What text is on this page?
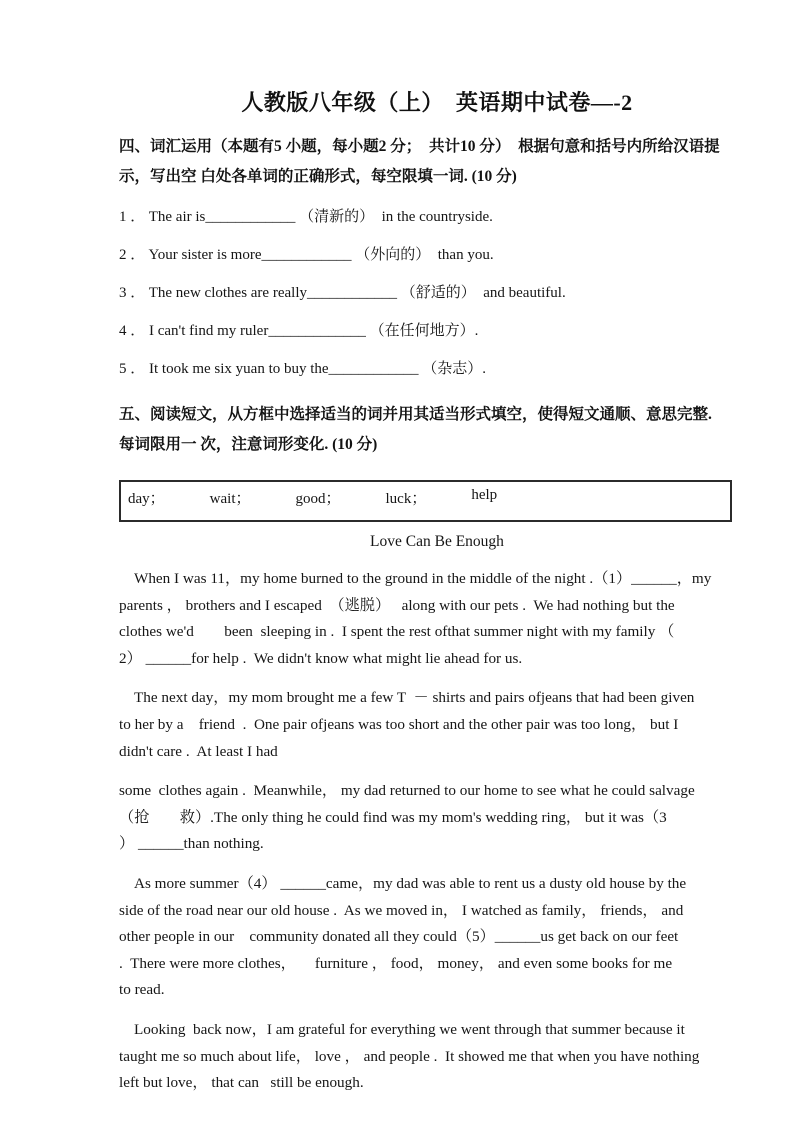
人教版八年级（上）  英语期中试卷—-2
四、词汇运用（本题有5 小题，每小题2 分；  共计10 分）  根据句意和括号内所给汉语提
示，写出空 白处各单词的正确形式，每空限填一词. (10 分)
1 ． The air is____________ （清新的）  in the countryside.
2 ． Your sister is more____________ （外向的）  than you.
3 ． The new clothes are really____________ （舒适的）  and beautiful.
4 ． I can't find my ruler_____________ （在任何地方）.
5 ． It took me six yuan to buy the____________ （杂志）.
五、阅读短文，从方框中选择适当的词并用其适当形式填空，使得短文通顺、意思完整.
每词限用一 次，注意词形变化. (10 分)
day；	wait；	good；	luck；	help
Love Can Be Enough
When I was 11，my home burned to the ground in the middle of the night .（1）______，my
parents ， brothers and I escaped  （逃脱）   along with our pets .  We had nothing but the
clothes we'd        been  sleeping in .  I spent the rest ofthat summer night with my family （
2） ______for help .  We didn't know what might lie ahead for us.
The next day，my mom brought me a few T  － shirts and pairs ofjeans that had been given
to her by a    friend  .  One pair ofjeans was too short and the other pair was too long， but I
didn't care .  At least I had
some  clothes again .  Meanwhile， my dad returned to our home to see what he could salvage
（抢        救）.The only thing he could find was my mom's wedding ring， but it was（3
） ______than nothing.
As more summer（4） ______came，my dad was able to rent us a dusty old house by the
side of the road near our old house .  As we moved in， I watched as family， friends， and
other people in our    community donated all they could（5）______us get back on our feet
.  There were more clothes，     furniture ， food， money， and even some books for me
to read.
Looking  back now，I am grateful for everything we went through that summer because it
taught me so much about life， love ， and people .  It showed me that when you have nothing
left but love， that can   still be enough.
